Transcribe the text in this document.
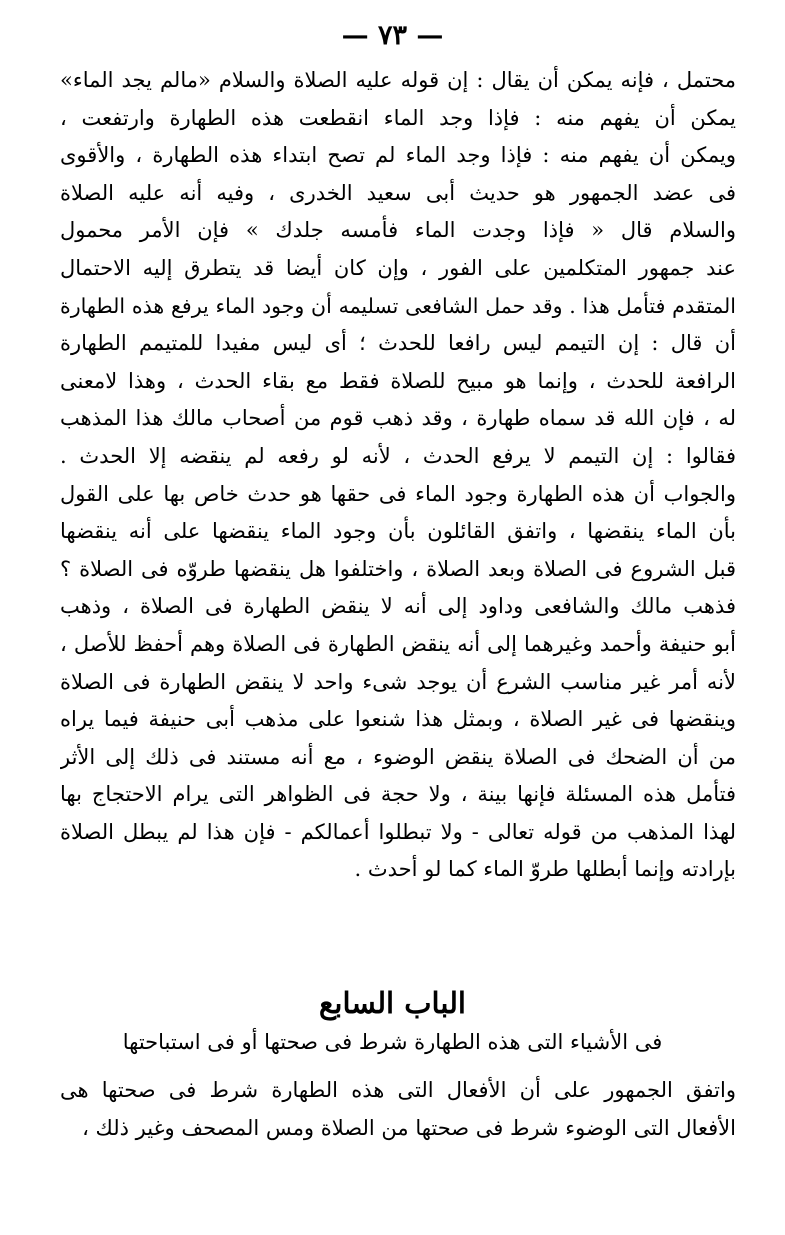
— ٧٣ —
محتمل ، فإنه يمكن أن يقال : إن قوله عليه الصلاة والسلام «مالم يجد الماء»
يمكن أن يفهم منه : فإذا وجد الماء انقطعت هذه الطهارة وارتفعت ،
ويمكن أن يفهم منه : فإذا وجد الماء لم تصح ابتداء هذه الطهارة ، والأقوى
فى عضد الجمهور هو حديث أبى سعيد الخدرى ، وفيه أنه عليه الصلاة
والسلام قال « فإذا وجدت الماء فأمسه جلدك » فإن الأمر محمول
عند جمهور المتكلمين على الفور ، وإن كان أيضا قد يتطرق إليه الاحتمال
المتقدم فتأمل هذا . وقد حمل الشافعى تسليمه أن وجود الماء يرفع هذه الطهارة
أن قال : إن التيمم ليس رافعا للحدث ؛ أى ليس مفيدا للمتيمم الطهارة
الرافعة للحدث ، وإنما هو مبيح للصلاة فقط مع بقاء الحدث ، وهذا لامعنى
له ، فإن الله قد سماه طهارة ، وقد ذهب قوم من أصحاب مالك هذا المذهب
فقالوا : إن التيمم لا يرفع الحدث ، لأنه لو رفعه لم ينقضه إلا الحدث .
والجواب أن هذه الطهارة وجود الماء فى حقها هو حدث خاص بها على القول
بأن الماء ينقضها ، واتفق القائلون بأن وجود الماء ينقضها على أنه ينقضها
قبل الشروع فى الصلاة وبعد الصلاة ، واختلفوا هل ينقضها طروّه فى الصلاة ؟
فذهب مالك والشافعى وداود إلى أنه لا ينقض الطهارة فى الصلاة ، وذهب
أبو حنيفة وأحمد وغيرهما إلى أنه ينقض الطهارة فى الصلاة وهم أحفظ للأصل ،
لأنه أمر غير مناسب الشرع أن يوجد شىء واحد لا ينقض الطهارة فى الصلاة
وينقضها فى غير الصلاة ، وبمثل هذا شنعوا على مذهب أبى حنيفة فيما يراه
من أن الضحك فى الصلاة ينقض الوضوء ، مع أنه مستند فى ذلك إلى الأثر
فتأمل هذه المسئلة فإنها بينة ، ولا حجة فى الظواهر التى يرام الاحتجاج بها
لهذا المذهب من قوله تعالى - ولا تبطلوا أعمالكم - فإن هذا لم يبطل الصلاة
بإرادته وإنما أبطلها طروّ الماء كما لو أحدث .
الباب السابع
فى الأشياء التى هذه الطهارة شرط فى صحتها أو فى استباحتها
واتفق الجمهور على أن الأفعال التى هذه الطهارة شرط فى صحتها هى
الأفعال التى الوضوء شرط فى صحتها من الصلاة ومس المصحف وغير ذلك ،
